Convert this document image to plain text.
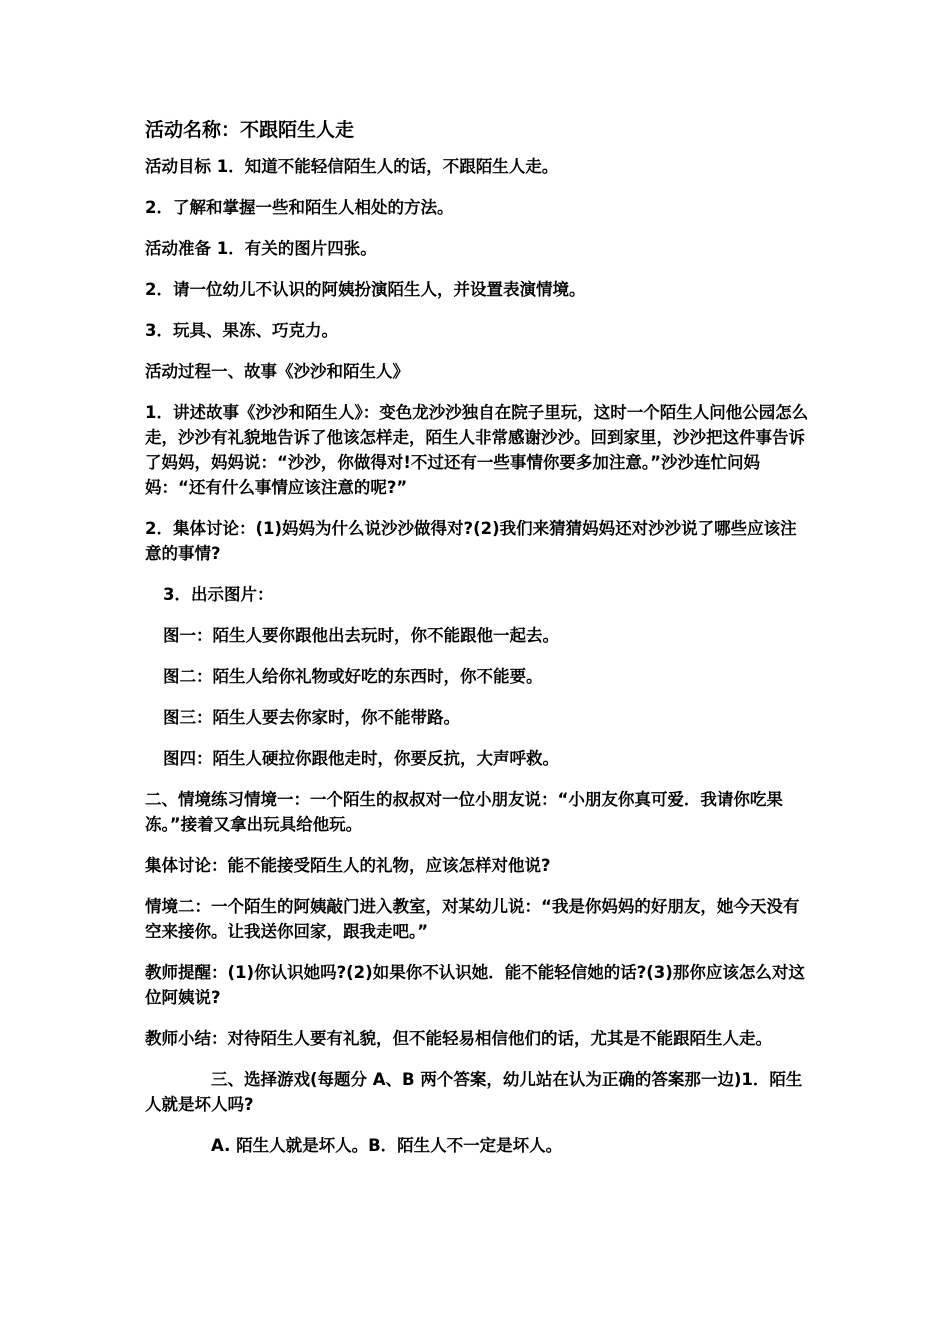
活动名称：不跟陌生人走
活动目标 1．知道不能轻信陌生人的话，不跟陌生人走。
2．了解和掌握一些和陌生人相处的方法。
活动准备 1．有关的图片四张。
2．请一位幼儿不认识的阿姨扮演陌生人，并设置表演情境。
3．玩具、果冻、巧克力。
活动过程一、故事《沙沙和陌生人》
1．讲述故事《沙沙和陌生人》：变色龙沙沙独自在院子里玩，这时一个陌生人问他公园怎么走，沙沙有礼貌地告诉了他该怎样走，陌生人非常感谢沙沙。回到家里，沙沙把这件事告诉了妈妈，妈妈说：“沙沙，你做得对!不过还有一些事情你要多加注意。”沙沙连忙问妈妈：“还有什么事情应该注意的呢?”
2．集体讨论：(1)妈妈为什么说沙沙做得对?(2)我们来猜猜妈妈还对沙沙说了哪些应该注意的事情?
3．出示图片：
图一：陌生人要你跟他出去玩时，你不能跟他一起去。
图二：陌生人给你礼物或好吃的东西时，你不能要。
图三：陌生人要去你家时，你不能带路。
图四：陌生人硬拉你跟他走时，你要反抗，大声呼救。
二、情境练习情境一：一个陌生的叔叔对一位小朋友说：“小朋友你真可爱．我请你吃果冻。”接着又拿出玩具给他玩。
集体讨论：能不能接受陌生人的礼物，应该怎样对他说?
情境二：一个陌生的阿姨敲门进入教室，对某幼儿说：“我是你妈妈的好朋友，她今天没有空来接你。让我送你回家，跟我走吧。”
教师提醒：(1)你认识她吗?(2)如果你不认识她．能不能轻信她的话?(3)那你应该怎么对这位阿姨说?
教师小结：对待陌生人要有礼貌，但不能轻易相信他们的话，尤其是不能跟陌生人走。
三、选择游戏(每题分 A、B 两个答案，幼儿站在认为正确的答案那一边)1．陌生人就是坏人吗?
A. 陌生人就是坏人。B．陌生人不一定是坏人。
